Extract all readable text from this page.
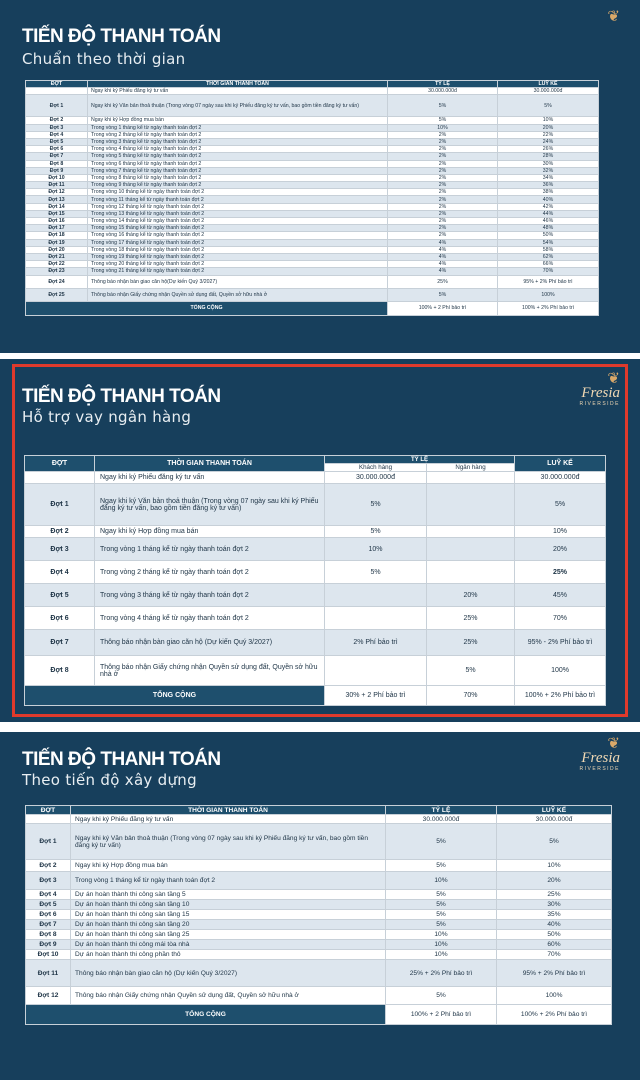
TIẾN ĐỘ THANH TOÁN
Chuẩn theo thời gian
❦
ĐỢT	THỜI GIAN THANH TOÁN	TỶ LỆ	LUỸ KẾ
	Ngay khi ký Phiếu đăng ký tư vấn	30.000.000đ	30.000.000đ
Đợt 1	Ngay khi ký Văn bản thoả thuận (Trong vòng 07 ngày sau khi ký Phiếu đăng ký tư vấn, bao gồm tiền đăng ký tư vấn)	5%	5%
Đợt 2	Ngay khi ký Hợp đồng mua bán	5%	10%
Đợt 3	Trong vòng 1 tháng kể từ ngày thanh toán đợt 2	10%	20%
Đợt 4	Trong vòng 2 tháng kể từ ngày thanh toán đợt 2	2%	22%
Đợt 5	Trong vòng 3 tháng kể từ ngày thanh toán đợt 2	2%	24%
Đợt 6	Trong vòng 4 tháng kể từ ngày thanh toán đợt 2	2%	26%
Đợt 7	Trong vòng 5 tháng kể từ ngày thanh toán đợt 2	2%	28%
Đợt 8	Trong vòng 6 tháng kể từ ngày thanh toán đợt 2	2%	30%
Đợt 9	Trong vòng 7 tháng kể từ ngày thanh toán đợt 2	2%	32%
Đợt 10	Trong vòng 8 tháng kể từ ngày thanh toán đợt 2	2%	34%
Đợt 11	Trong vòng 9 tháng kể từ ngày thanh toán đợt 2	2%	36%
Đợt 12	Trong vòng 10 tháng kể từ ngày thanh toán đợt 2	2%	38%
Đợt 13	Trong vòng 11 tháng kể từ ngày thanh toán đợt 2	2%	40%
Đợt 14	Trong vòng 12 tháng kể từ ngày thanh toán đợt 2	2%	42%
Đợt 15	Trong vòng 13 tháng kể từ ngày thanh toán đợt 2	2%	44%
Đợt 16	Trong vòng 14 tháng kể từ ngày thanh toán đợt 2	2%	46%
Đợt 17	Trong vòng 15 tháng kể từ ngày thanh toán đợt 2	2%	48%
Đợt 18	Trong vòng 16 tháng kể từ ngày thanh toán đợt 2	2%	50%
Đợt 19	Trong vòng 17 tháng kể từ ngày thanh toán đợt 2	4%	54%
Đợt 20	Trong vòng 18 tháng kể từ ngày thanh toán đợt 2	4%	58%
Đợt 21	Trong vòng 19 tháng kể từ ngày thanh toán đợt 2	4%	62%
Đợt 22	Trong vòng 20 tháng kể từ ngày thanh toán đợt 2	4%	66%
Đợt 23	Trong vòng 21 tháng kể từ ngày thanh toán đợt 2	4%	70%
Đợt 24	Thông báo nhận bàn giao căn hộ(Dự kiến Quý 3/2027)	25%	95% + 2% Phí bảo trì
Đợt 25	Thông báo nhận Giấy chứng nhận Quyền sử dụng đất, Quyền sở hữu nhà ở	5%	100%
TỔNG CỘNG		100% + 2 Phí bảo trì	100% + 2% Phí bảo trì
TIẾN ĐỘ THANH TOÁN
Hỗ trợ vay ngân hàng
❦
Fresia
RIVERSIDE
ĐỢT	THỜI GIAN THANH TOÁN	TỶ LỆ		LUỸ KẾ
		Khách hàng	Ngân hàng	
	Ngay khi ký Phiếu đăng ký tư vấn	30.000.000đ		30.000.000đ
Đợt 1	Ngay khi ký Văn bản thoả thuận (Trong vòng 07 ngày sau khi ký Phiếu đăng ký tư vấn, bao gồm tiền đăng ký tư vấn)	5%		5%
Đợt 2	Ngay khi ký Hợp đồng mua bán	5%		10%
Đợt 3	Trong vòng 1 tháng kể từ ngày thanh toán đợt 2	10%		20%
Đợt 4	Trong vòng 2 tháng kể từ ngày thanh toán đợt 2	5%		25%
Đợt 5	Trong vòng 3 tháng kể từ ngày thanh toán đợt 2		20%	45%
Đợt 6	Trong vòng 4 tháng kể từ ngày thanh toán đợt 2		25%	70%
Đợt 7	Thông báo nhận bàn giao căn hộ (Dự kiến Quý 3/2027)	2% Phí bảo trì	25%	95% - 2% Phí bảo trì
Đợt 8	Thông báo nhận Giấy chứng nhận Quyền sử dụng đất, Quyền sở hữu nhà ở		5%	100%
TỔNG CỘNG		30% + 2 Phí bảo trì	70%	100% + 2% Phí bảo trì
TIẾN ĐỘ THANH TOÁN
Theo tiến độ xây dựng
❦
Fresia
RIVERSIDE
ĐỢT	THỜI GIAN THANH TOÁN	TỶ LỆ	LUỸ KẾ
	Ngay khi ký Phiếu đăng ký tư vấn	30.000.000đ	30.000.000đ
Đợt 1	Ngay khi ký Văn bản thoả thuận (Trong vòng 07 ngày sau khi ký Phiếu đăng ký tư vấn, bao gồm tiền đăng ký tư vấn)	5%	5%
Đợt 2	Ngay khi ký Hợp đồng mua bán	5%	10%
Đợt 3	Trong vòng 1 tháng kể từ ngày thanh toán đợt 2	10%	20%
Đợt 4	Dự án hoàn thành thi công sàn tầng 5	5%	25%
Đợt 5	Dự án hoàn thành thi công sàn tầng 10	5%	30%
Đợt 6	Dự án hoàn thành thi công sàn tầng 15	5%	35%
Đợt 7	Dự án hoàn thành thi công sàn tầng 20	5%	40%
Đợt 8	Dự án hoàn thành thi công sàn tầng 25	10%	50%
Đợt 9	Dự án hoàn thành thi công mái tòa nhà	10%	60%
Đợt 10	Dự án hoàn thành thi công phần thô	10%	70%
Đợt 11	Thông báo nhận bàn giao căn hộ (Dự kiến Quý 3/2027)	25% + 2% Phí bảo trì	95% + 2% Phí bảo trì
Đợt 12	Thông báo nhận Giấy chứng nhận Quyền sử dụng đất, Quyền sở hữu nhà ở	5%	100%
TỔNG CỘNG		100% + 2 Phí bảo trì	100% + 2% Phí bảo trì
